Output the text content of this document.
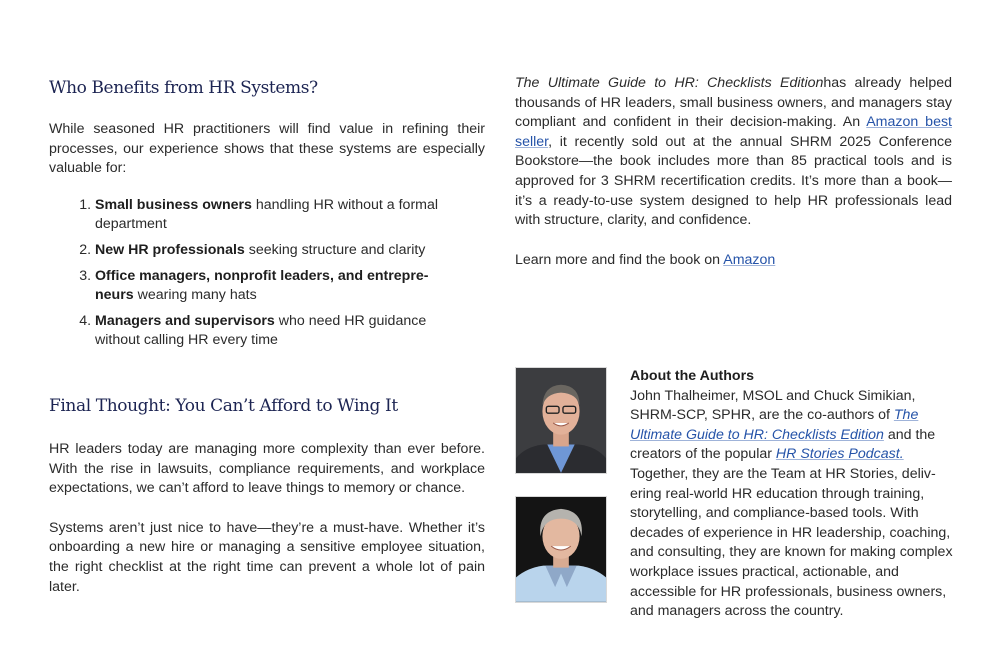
Who Benefits from HR Systems?

While seasoned HR practitioners will find value in refining their processes, our experience shows that these systems are especially valuable for:

1. Small business owners handling HR without a formal department
2. New HR professionals seeking structure and clarity
3. Office managers, nonprofit leaders, and entrepre-neurs wearing many hats
4. Managers and supervisors who need HR guidance without calling HR every time
Final Thought: You Can’t Afford to Wing It

HR leaders today are managing more complexity than ever before. With the rise in lawsuits, compliance requirements, and workplace expectations, we can’t afford to leave things to memory or chance.

Systems aren’t just nice to have—they’re a must-have. Whether it’s onboarding a new hire or managing a sensitive employee situation, the right checklist at the right time can prevent a whole lot of pain later.

The Ultimate Guide to HR: Checklists Editionhas already helped thousands of HR leaders, small business owners, and managers stay compliant and confident in their decision-making. An Amazon best seller, it recently sold out at the annual SHRM 2025 Conference Bookstore—the book includes more than 85 practical tools and is approved for 3 SHRM recertification credits. It’s more than a book—it’s a ready-to-use system designed to help HR professionals lead with structure, clarity, and confidence.

Learn more and find the book on Amazon

About the Authors

John Thalheimer, MSOL and Chuck Simikian, SHRM-SCP, SPHR, are the co-authors of The Ultimate Guide to HR: Checklists Edition and the creators of the popular HR Stories Podcast. Together, they are the Team at HR Stories, deliv-ering real-world HR education through training, storytelling, and compliance-based tools. With decades of experience in HR leadership, coaching, and consulting, they are known for making complex workplace issues practical, actionable, and accessible for HR professionals, business owners, and managers across the country.
